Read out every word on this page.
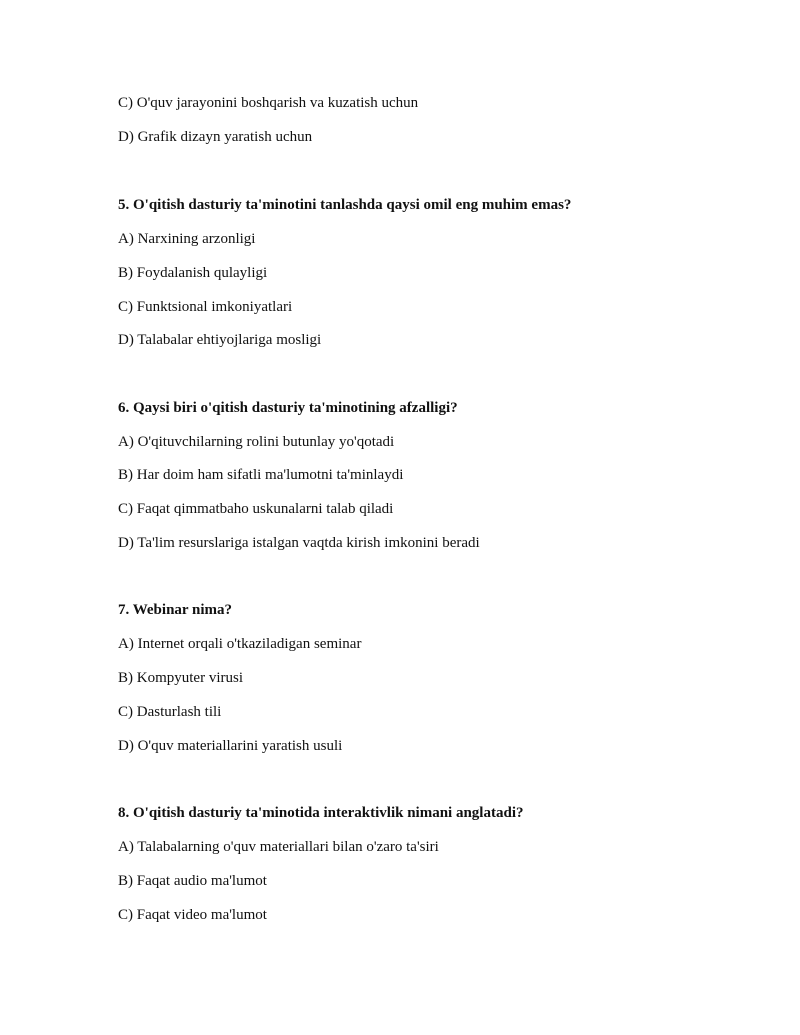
C) O'quv jarayonini boshqarish va kuzatish uchun
D) Grafik dizayn yaratish uchun
5. O'qitish dasturiy ta'minotini tanlashda qaysi omil eng muhim emas?
A) Narxining arzonligi
B) Foydalanish qulayligi
C) Funktsional imkoniyatlari
D) Talabalar ehtiyojlariga mosligi
6. Qaysi biri o'qitish dasturiy ta'minotining afzalligi?
A) O'qituvchilarning rolini butunlay yo'qotadi
B) Har doim ham sifatli ma'lumotni ta'minlaydi
C) Faqat qimmatbaho uskunalarni talab qiladi
D) Ta'lim resurslariga istalgan vaqtda kirish imkonini beradi
7. Webinar nima?
A) Internet orqali o'tkaziladigan seminar
B) Kompyuter virusi
C) Dasturlash tili
D) O'quv materiallarini yaratish usuli
8. O'qitish dasturiy ta'minotida interaktivlik nimani anglatadi?
A) Talabalarning o'quv materiallari bilan o'zaro ta'siri
B) Faqat audio ma'lumot
C) Faqat video ma'lumot
